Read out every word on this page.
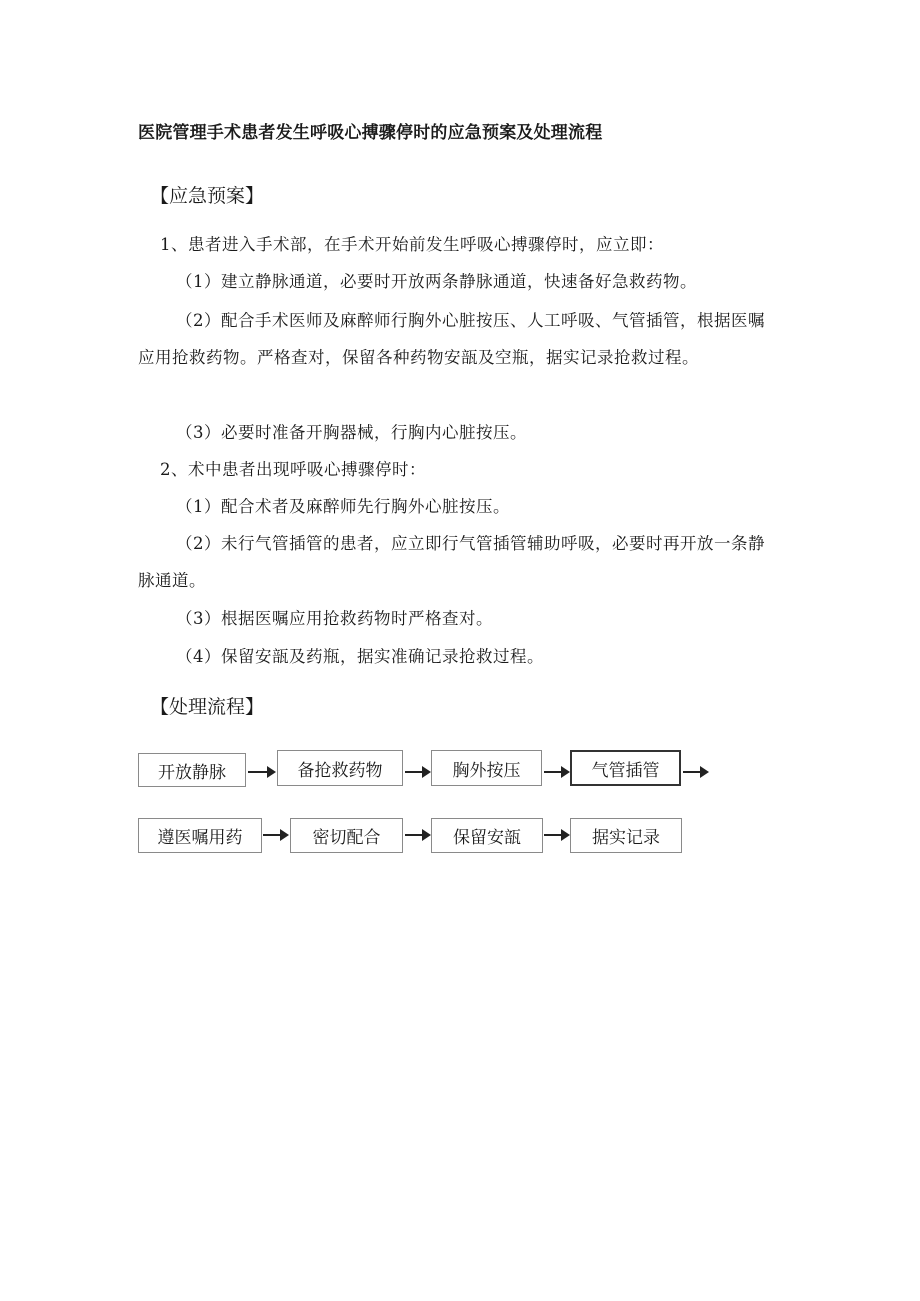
医院管理手术患者发生呼吸心搏骤停时的应急预案及处理流程
【应急预案】
1、患者进入手术部，在手术开始前发生呼吸心搏骤停时，应立即：
（1）建立静脉通道，必要时开放两条静脉通道，快速备好急救药物。
（2）配合手术医师及麻醉师行胸外心脏按压、人工呼吸、气管插管，根据医嘱应用抢救药物。严格查对，保留各种药物安瓿及空瓶，据实记录抢救过程。
（3）必要时准备开胸器械，行胸内心脏按压。
2、术中患者出现呼吸心搏骤停时：
（1）配合术者及麻醉师先行胸外心脏按压。
（2）未行气管插管的患者，应立即行气管插管辅助呼吸，必要时再开放一条静脉通道。
（3）根据医嘱应用抢救药物时严格查对。
（4）保留安瓿及药瓶，据实准确记录抢救过程。
【处理流程】
开放静脉	备抢救药物	胸外按压	气管插管
遵医嘱用药	密切配合	保留安瓿	据实记录
